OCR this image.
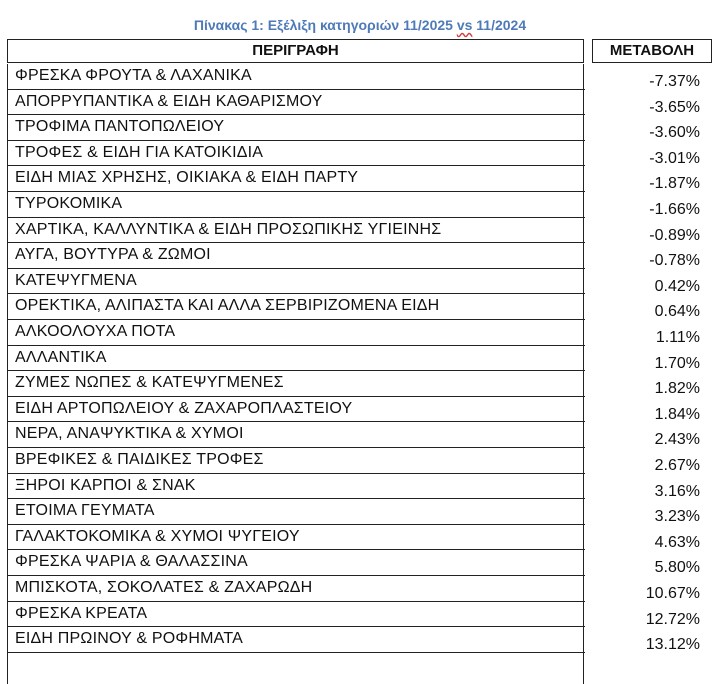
Πίνακας 1: Εξέλιξη κατηγοριών 11/2025 vs 11/2024
ΠΕΡΙΓΡΑΦΗ	ΜΕΤΑΒΟΛΗ
ΦΡΕΣΚΑ ΦΡΟΥΤΑ & ΛΑΧΑΝΙΚΑ
ΑΠΟΡΡΥΠΑΝΤΙΚΑ & ΕΙΔΗ ΚΑΘΑΡΙΣΜΟΥ
ΤΡΟΦΙΜΑ ΠΑΝΤΟΠΩΛΕΙΟΥ
ΤΡΟΦΕΣ & ΕΙΔΗ ΓΙΑ ΚΑΤΟΙΚΙΔΙΑ
ΕΙΔΗ ΜΙΑΣ ΧΡΗΣΗΣ, ΟΙΚΙΑΚΑ & ΕΙΔΗ ΠΑΡΤΥ
ΤΥΡΟΚΟΜΙΚΑ
ΧΑΡΤΙΚΑ, ΚΑΛΛΥΝΤΙΚΑ & ΕΙΔΗ ΠΡΟΣΩΠΙΚΗΣ ΥΓΙΕΙΝΗΣ
ΑΥΓΑ, ΒΟΥΤΥΡΑ & ΖΩΜΟΙ
ΚΑΤΕΨΥΓΜΕΝΑ
ΟΡΕΚΤΙΚΑ, ΑΛΙΠΑΣΤΑ ΚΑΙ ΑΛΛΑ ΣΕΡΒΙΡΙΖΟΜΕΝΑ ΕΙΔΗ
ΑΛΚΟΟΛΟΥΧΑ ΠΟΤΑ
ΑΛΛΑΝΤΙΚΑ
ΖΥΜΕΣ ΝΩΠΕΣ & ΚΑΤΕΨΥΓΜΕΝΕΣ
ΕΙΔΗ ΑΡΤΟΠΩΛΕΙΟΥ & ΖΑΧΑΡΟΠΛΑΣΤΕΙΟΥ
ΝΕΡΑ, ΑΝΑΨΥΚΤΙΚΑ & ΧΥΜΟΙ
ΒΡΕΦΙΚΕΣ & ΠΑΙΔΙΚΕΣ ΤΡΟΦΕΣ
ΞΗΡΟΙ ΚΑΡΠΟΙ & ΣΝΑΚ
ΕΤΟΙΜΑ ΓΕΥΜΑΤΑ
ΓΑΛΑΚΤΟΚΟΜΙΚΑ & ΧΥΜΟΙ ΨΥΓΕΙΟΥ
ΦΡΕΣΚΑ ΨΑΡΙΑ & ΘΑΛΑΣΣΙΝΑ
ΜΠΙΣΚΟΤΑ, ΣΟΚΟΛΑΤΕΣ & ΖΑΧΑΡΩΔΗ
ΦΡΕΣΚΑ ΚΡΕΑΤΑ
ΕΙΔΗ ΠΡΩΙΝΟΥ & ΡΟΦΗΜΑΤΑ
-7.37%
-3.65%
-3.60%
-3.01%
-1.87%
-1.66%
-0.89%
-0.78%
0.42%
0.64%
1.11%
1.70%
1.82%
1.84%
2.43%
2.67%
3.16%
3.23%
4.63%
5.80%
10.67%
12.72%
13.12%
